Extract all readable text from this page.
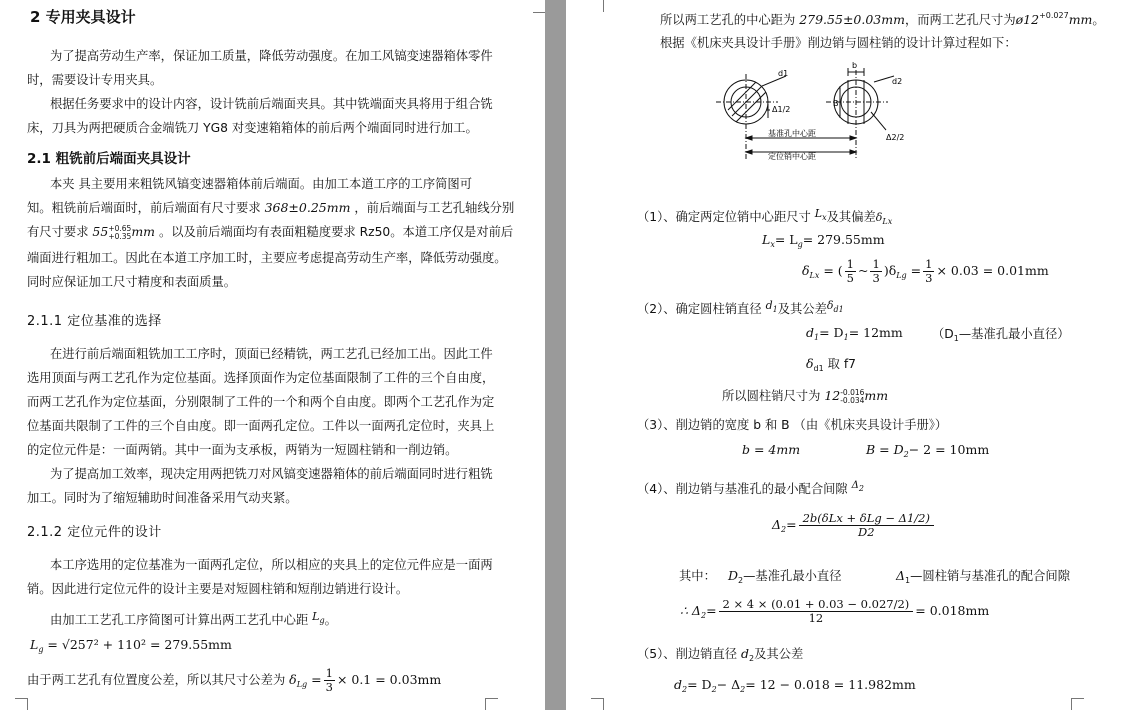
2 专用夹具设计
为了提高劳动生产率，保证加工质量，降低劳动强度。在加工风镐变速器箱体零件
时，需要设计专用夹具。
根据任务要求中的设计内容，设计铣前后端面夹具。其中铣端面夹具将用于组合铣
床，刀具为两把硬质合金端铣刀 YG8 对变速箱箱体的前后两个端面同时进行加工。
2.1 粗铣前后端面夹具设计
本夹 具主要用来粗铣风镐变速器箱体前后端面。由加工本道工序的工序简图可
知。粗铣前后端面时，前后端面有尺寸要求 368±0.25mm ，前后端面与工艺孔轴线分别
有尺寸要求 55 +0.65
+0.35 mm 。以及前后端面均有表面粗糙度要求 Rz50。本道工序仅是对前后
端面进行粗加工。因此在本道工序加工时，主要应考虑提高劳动生产率，降低劳动强度。
同时应保证加工尺寸精度和表面质量。
2.1.1 定位基准的选择
在进行前后端面粗铣加工工序时，顶面已经精铣，两工艺孔已经加工出。因此工件
选用顶面与两工艺孔作为定位基面。选择顶面作为定位基面限制了工件的三个自由度，
而两工艺孔作为定位基面，分别限制了工件的一个和两个自由度。即两个工艺孔作为定
位基面共限制了工件的三个自由度。即一面两孔定位。工件以一面两孔定位时，夹具上
的定位元件是：一面两销。其中一面为支承板，两销为一短圆柱销和一削边销。
为了提高加工效率，现决定用两把铣刀对风镐变速器箱体的前后端面同时进行粗铣
加工。同时为了缩短辅助时间准备采用气动夹紧。
2.1.2 定位元件的设计
本工序选用的定位基准为一面两孔定位，所以相应的夹具上的定位元件应是一面两
销。因此进行定位元件的设计主要是对短圆柱销和短削边销进行设计。
由加工工艺孔工序简图可计算出两工艺孔中心距 $L_g$。
$L_g = √257^2 + 110^2 = 279.55mm$
由于两工艺孔有位置度公差，所以其尺寸公差为 $\delta_{Lg} = \frac{1}{3} \times 0.1 = 0.03mm$
所以两工艺孔的中心距为 279.55±0.03mm，而两工艺孔尺寸为$ø12^{+0.027}mm$。
根据《机床夹具设计手册》削边销与圆柱销的设计计算过程如下：
d1
d2
Δ1/2
Δ2/2
b
B
基准孔中心距
定位销中心距
（1）、确定两定位销中心距尺寸 $L_x$及其偏差$\delta_{Lx}$
$L_x= L_g= 279.55mm$
$\delta_{Lx}$ = ( $\frac{1}{5}$ ~ $\frac{1}{3} )\delta_{Lg} = \frac{1}{3} \times 0.03 = 0.01mm$
（2）、确定圆柱销直径 $d_1$及其公差$\delta_{d1}$
$d_1= D_1= 12mm$ （$D_1—$基准孔最小直径）
$\delta_{d1}$ 取 f7
所以圆柱销尺寸为 12 -0.016
-0.034 mm
（3）、削边销的宽度 b 和 B （由《机床夹具设计手册》）
b = 4mm	$B = D_2- 2 = 10mm$
（4）、削边销与基准孔的最小配合间隙 $^{\Delta_2}$
$\Delta_2= \frac{\text{2b(δLx + δLg − Δ1/2)}}{D2}$
其中： $D_2—$基准孔最小直径	$\Delta_1—$圆柱销与基准孔的配合间隙
∴ $\Delta_2= \frac{2 \times 4 \times (0.01 + 0.03 - 0.027/2)}{12} = 0.018mm$
（5）、削边销直径 $d_2$及其公差
$d_2= D_2- \Delta_2= 12 - 0.018 = 11.982mm$
